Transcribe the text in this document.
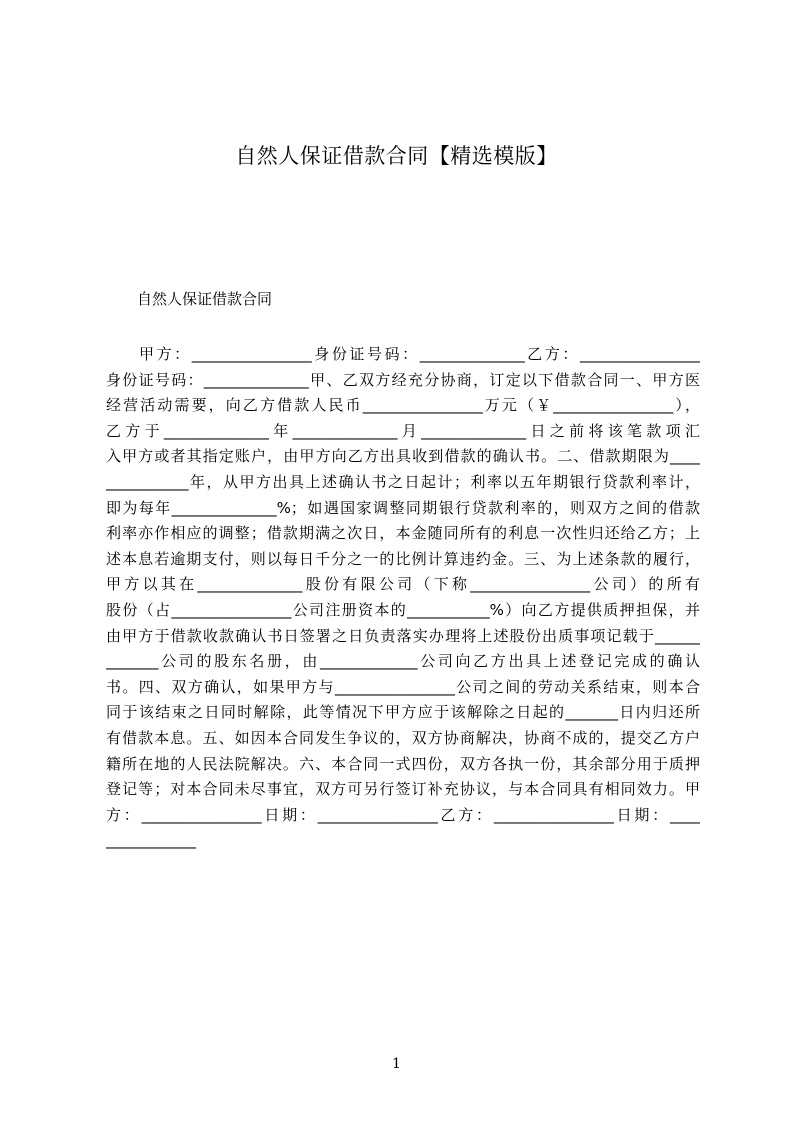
自然人保证借款合同【精选模版】
自然人保证借款合同
甲方：________________身份证号码：______________乙方：________________
身份证号码：______________甲、乙双方经充分协商，订定以下借款合同一、甲方医
经营活动需要，向乙方借款人民币________________万元（￥________________），
乙方于______________年______________月______________日之前将该笔款项汇
入甲方或者其指定账户，由甲方向乙方出具收到借款的确认书。二、借款期限为____
___________年，从甲方出具上述确认书之日起计；利率以五年期银行贷款利率计，
即为每年______________%；如遇国家调整同期银行贷款利率的，则双方之间的借款
利率亦作相应的调整；借款期满之次日，本金随同所有的利息一次性归还给乙方；上
述本息若逾期支付，则以每日千分之一的比例计算违约金。三、为上述条款的履行，
甲方以其在______________股份有限公司（下称________________公司）的所有
股份（占________________公司注册资本的___________%）向乙方提供质押担保，并
由甲方于借款收款确认书日签署之日负责落实办理将上述股份出质事项记载于______
_______公司的股东名册，由_____________公司向乙方出具上述登记完成的确认
书。四、双方确认，如果甲方与________________公司之间的劳动关系结束，则本合
同于该结束之日同时解除，此等情况下甲方应于该解除之日起的_______日内归还所
有借款本息。五、如因本合同发生争议的，双方协商解决，协商不成的，提交乙方户
籍所在地的人民法院解决。六、本合同一式四份，双方各执一份，其余部分用于质押
登记等；对本合同未尽事宜，双方可另行签订补充协议，与本合同具有相同效力。甲
方：________________日期：________________乙方：________________日期：____
____________
1
